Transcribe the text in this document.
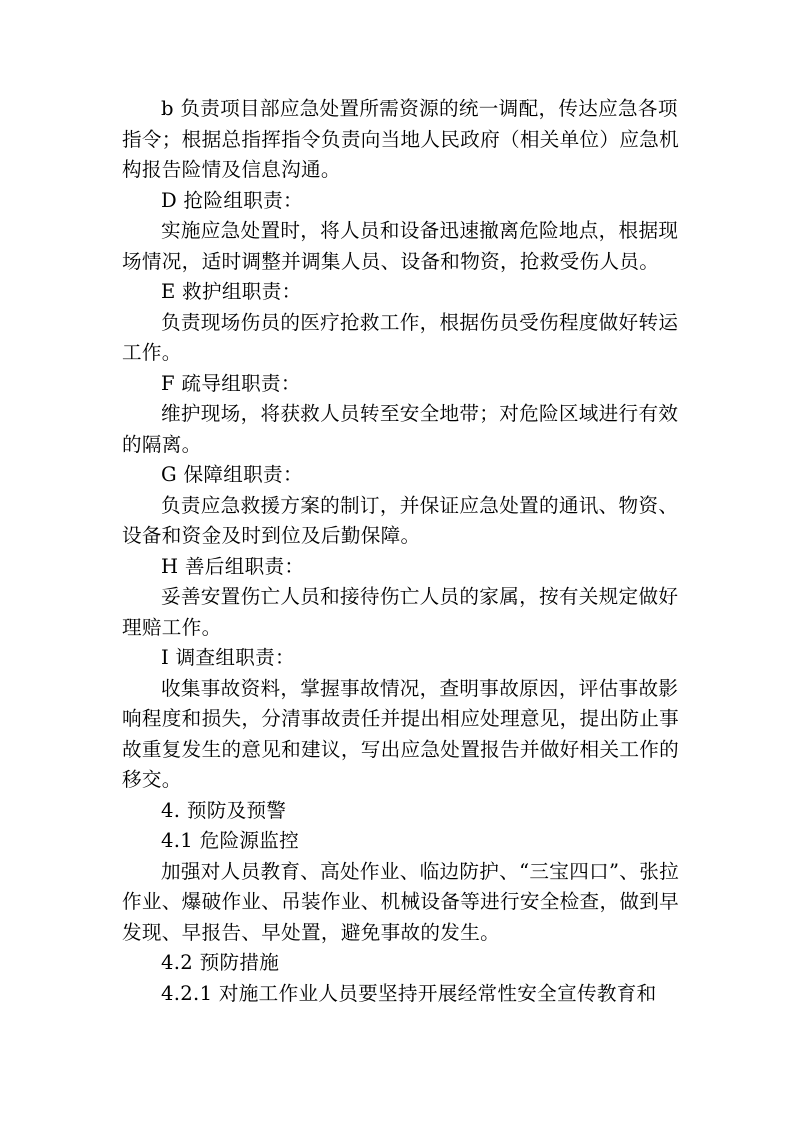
b 负责项目部应急处置所需资源的统一调配，传达应急各项

指令；根据总指挥指令负责向当地人民政府（相关单位）应急机

构报告险情及信息沟通。

D 抢险组职责：

实施应急处置时，将人员和设备迅速撤离危险地点，根据现

场情况，适时调整并调集人员、设备和物资，抢救受伤人员。

E 救护组职责：

负责现场伤员的医疗抢救工作，根据伤员受伤程度做好转运

工作。

F 疏导组职责：

维护现场，将获救人员转至安全地带；对危险区域进行有效

的隔离。

G 保障组职责：

负责应急救援方案的制订，并保证应急处置的通讯、物资、

设备和资金及时到位及后勤保障。

H 善后组职责：

妥善安置伤亡人员和接待伤亡人员的家属，按有关规定做好

理赔工作。

I 调查组职责：

收集事故资料，掌握事故情况，查明事故原因，评估事故影

响程度和损失，分清事故责任并提出相应处理意见，提出防止事

故重复发生的意见和建议，写出应急处置报告并做好相关工作的

移交。

4. 预防及预警

4.1 危险源监控

加强对人员教育、高处作业、临边防护、“三宝四口”、张拉

作业、爆破作业、吊装作业、机械设备等进行安全检查，做到早

发现、早报告、早处置，避免事故的发生。

4.2 预防措施

4.2.1 对施工作业人员要坚持开展经常性安全宣传教育和
